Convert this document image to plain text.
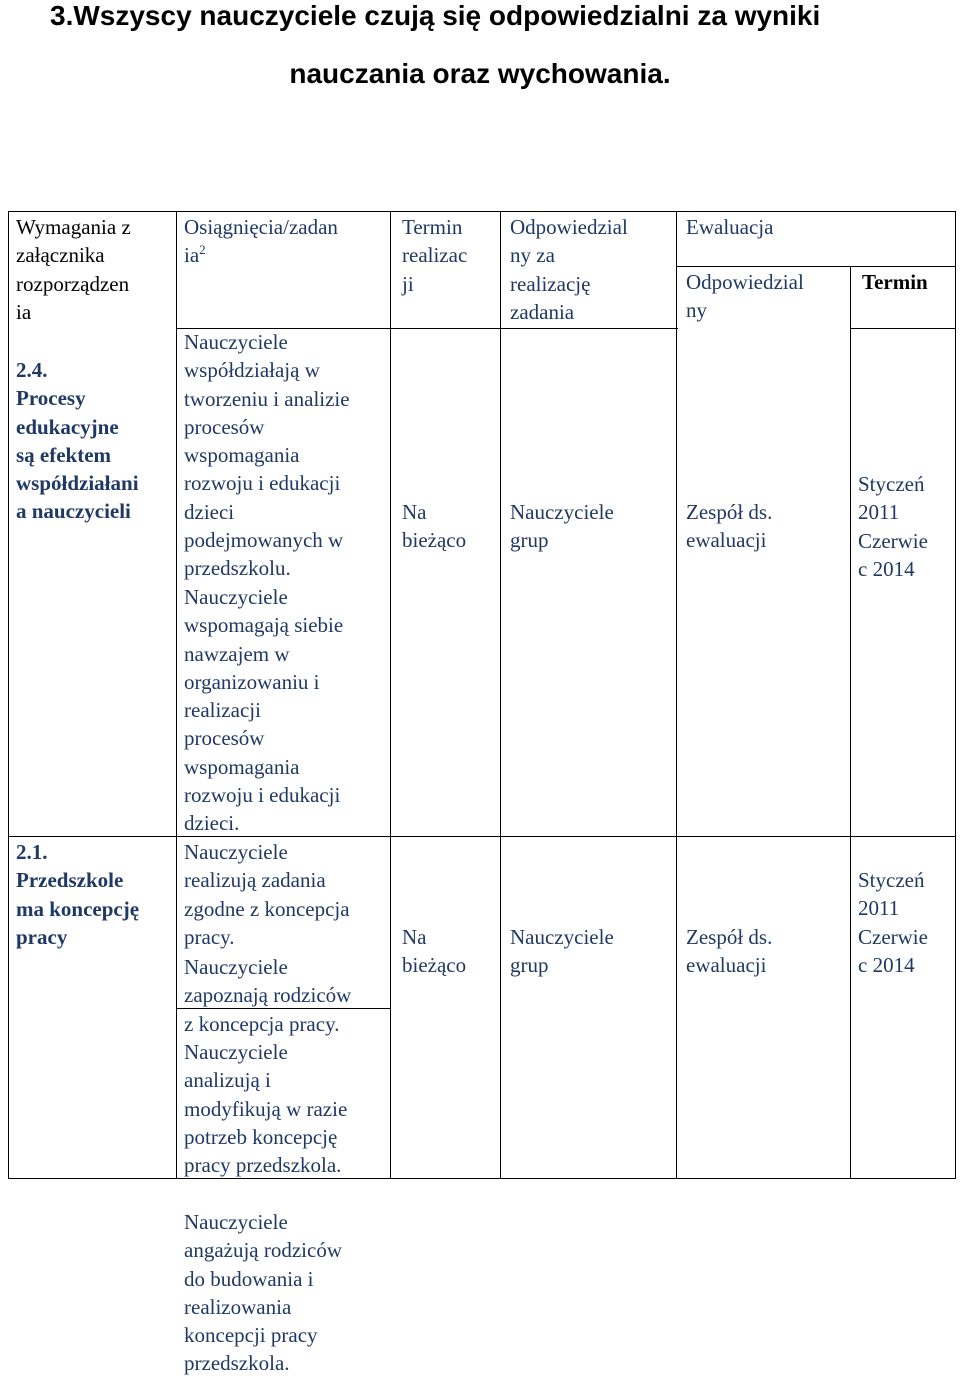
3.Wszyscy nauczyciele czują się odpowiedzialni za wyniki
nauczania oraz wychowania.
Wymagania z
załącznika
rozporządzen
ia
Osiągnięcia/zadan
$ia^2$
Termin
realizac
ji
Odpowiedzial
ny za
realizację
zadania
Ewaluacja
Odpowiedzial
ny
Termin
2.4.
Procesy
edukacyjne
są efektem
współdziałani
a nauczycieli
Nauczyciele
współdziałają w
tworzeniu i analizie
procesów
wspomagania
rozwoju i edukacji
dzieci
podejmowanych w
przedszkolu.
Nauczyciele
wspomagają siebie
nawzajem w
organizowaniu i
realizacji
procesów
wspomagania
rozwoju i edukacji
dzieci.
Na
bieżąco
Nauczyciele
grup
Zespół ds.
ewaluacji
Styczeń
2011
Czerwie
c 2014
2.1.
Przedszkole
ma koncepcję
pracy
Nauczyciele
realizują zadania
zgodne z koncepcja
pracy.
Nauczyciele
zapoznają rodziców
z koncepcja pracy.
Nauczyciele
analizują i
modyfikują w razie
potrzeb koncepcję
pracy przedszkola.
Nauczyciele
angażują rodziców
do budowania i
realizowania
koncepcji pracy
przedszkola.
Na
bieżąco
Nauczyciele
grup
Zespół ds.
ewaluacji
Styczeń
2011
Czerwie
c 2014
